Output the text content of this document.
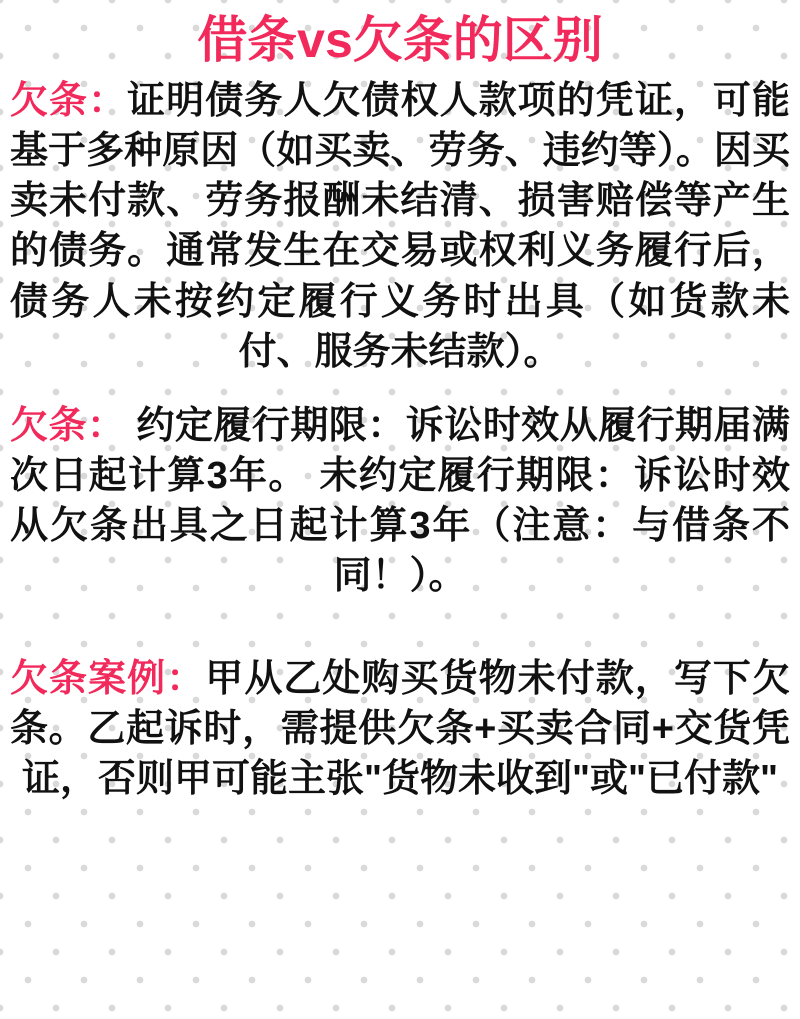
借条vs欠条的区别
欠条：证明债务人欠债权人款项的凭证，可能基于多种原因（如买卖、劳务、违约等）。因买卖未付款、劳务报酬未结清、损害赔偿等产生的债务。通常发生在交易或权利义务履行后，债务人未按约定履行义务时出具（如货款未付、服务未结款）。
欠条： 约定履行期限：诉讼时效从履行期届满次日起计算3年。 未约定履行期限：诉讼时效从欠条出具之日起计算3年（注意：与借条不同！）。
欠条案例：甲从乙处购买货物未付款，写下欠条。乙起诉时，需提供欠条+买卖合同+交货凭证，否则甲可能主张"货物未收到"或"已付款"
